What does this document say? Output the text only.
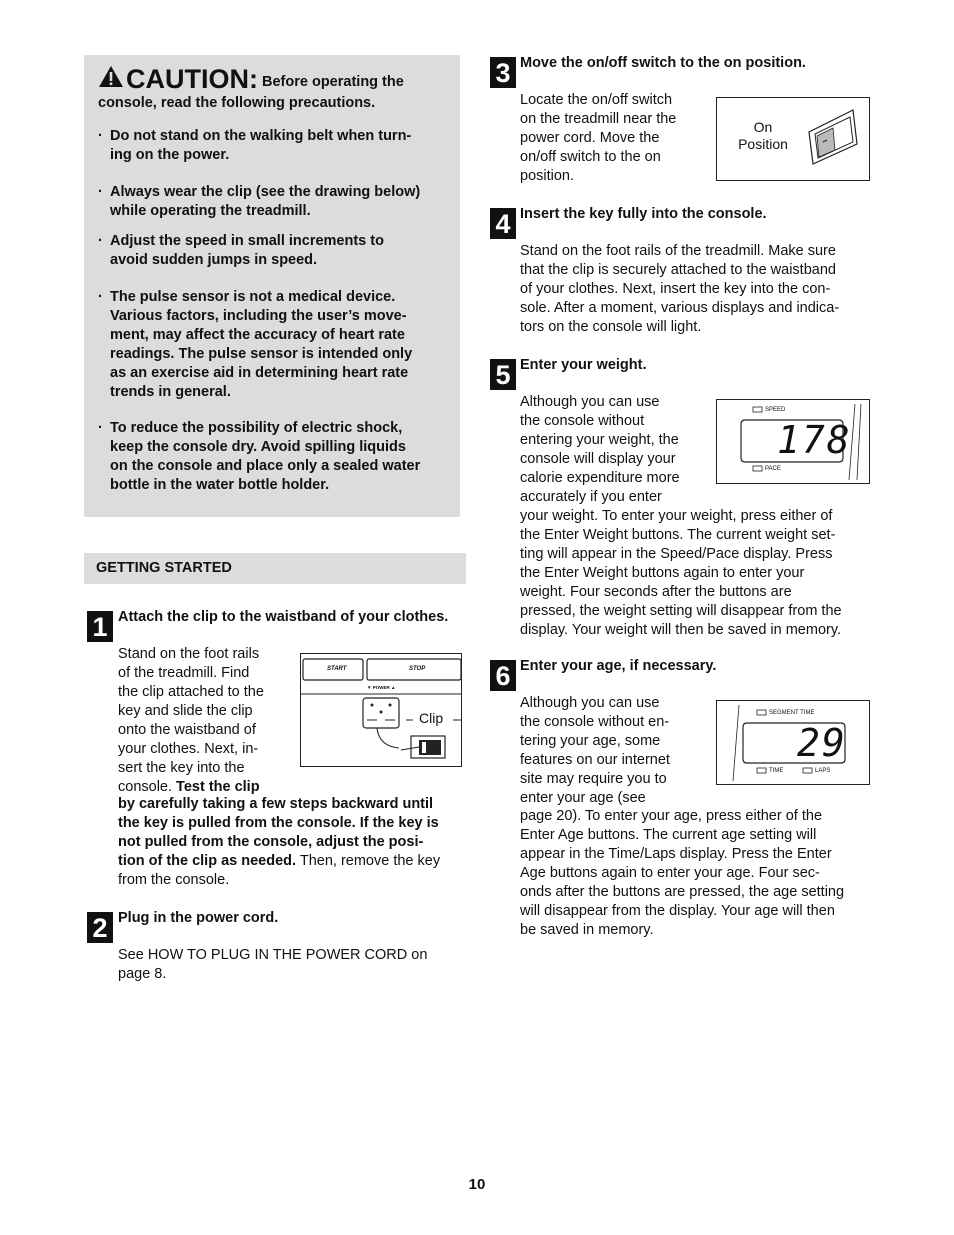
CAUTION: Before operating the
console, read the following precautions.
· Do not stand on the walking belt when turn-
ing on the power.
· Always wear the clip (see the drawing below)
while operating the treadmill.
· Adjust the speed in small increments to
avoid sudden jumps in speed.
· The pulse sensor is not a medical device.
Various factors, including the user’s move-
ment, may affect the accuracy of heart rate
readings. The pulse sensor is intended only
as an exercise aid in determining heart rate
trends in general.
· To reduce the possibility of electric shock,
keep the console dry. Avoid spilling liquids
on the console and place only a sealed water
bottle in the water bottle holder.
GETTING STARTED
1 Attach the clip to the waistband of your clothes.
Stand on the foot rails
of the treadmill. Find
the clip attached to the
key and slide the clip
onto the waistband of
your clothes. Next, in-
sert the key into the
console. Test the clip
by carefully taking a few steps backward until
the key is pulled from the console. If the key is
not pulled from the console, adjust the posi-
tion of the clip as needed. Then, remove the key
from the console.
START	STOP
▼ POWER ▲
Clip
2 Plug in the power cord.
See HOW TO PLUG IN THE POWER CORD on
page 8.
3 Move the on/off switch to the on position.
Locate the on/off switch
on the treadmill near the
power cord. Move the
on/off switch to the on
position.
On
Position
4 Insert the key fully into the console.
Stand on the foot rails of the treadmill. Make sure
that the clip is securely attached to the waistband
of your clothes. Next, insert the key into the con-
sole. After a moment, various displays and indica-
tors on the console will light.
5 Enter your weight.
Although you can use
the console without
entering your weight, the
console will display your
calorie expenditure more
accurately if you enter
your weight. To enter your weight, press either of
the Enter Weight buttons. The current weight set-
ting will appear in the Speed/Pace display. Press
the Enter Weight buttons again to enter your
weight. Four seconds after the buttons are
pressed, the weight setting will disappear from the
display. Your weight will then be saved in memory.
SPEED
PACE
178
6 Enter your age, if necessary.
Although you can use
the console without en-
tering your age, some
features on our internet
site may require you to
enter your age (see
page 20). To enter your age, press either of the
Enter Age buttons. The current age setting will
appear in the Time/Laps display. Press the Enter
Age buttons again to enter your age. Four sec-
onds after the buttons are pressed, the age setting
will disappear from the display. Your age will then
be saved in memory.
SEGMENT TIME
TIME	LAPS
29
10
